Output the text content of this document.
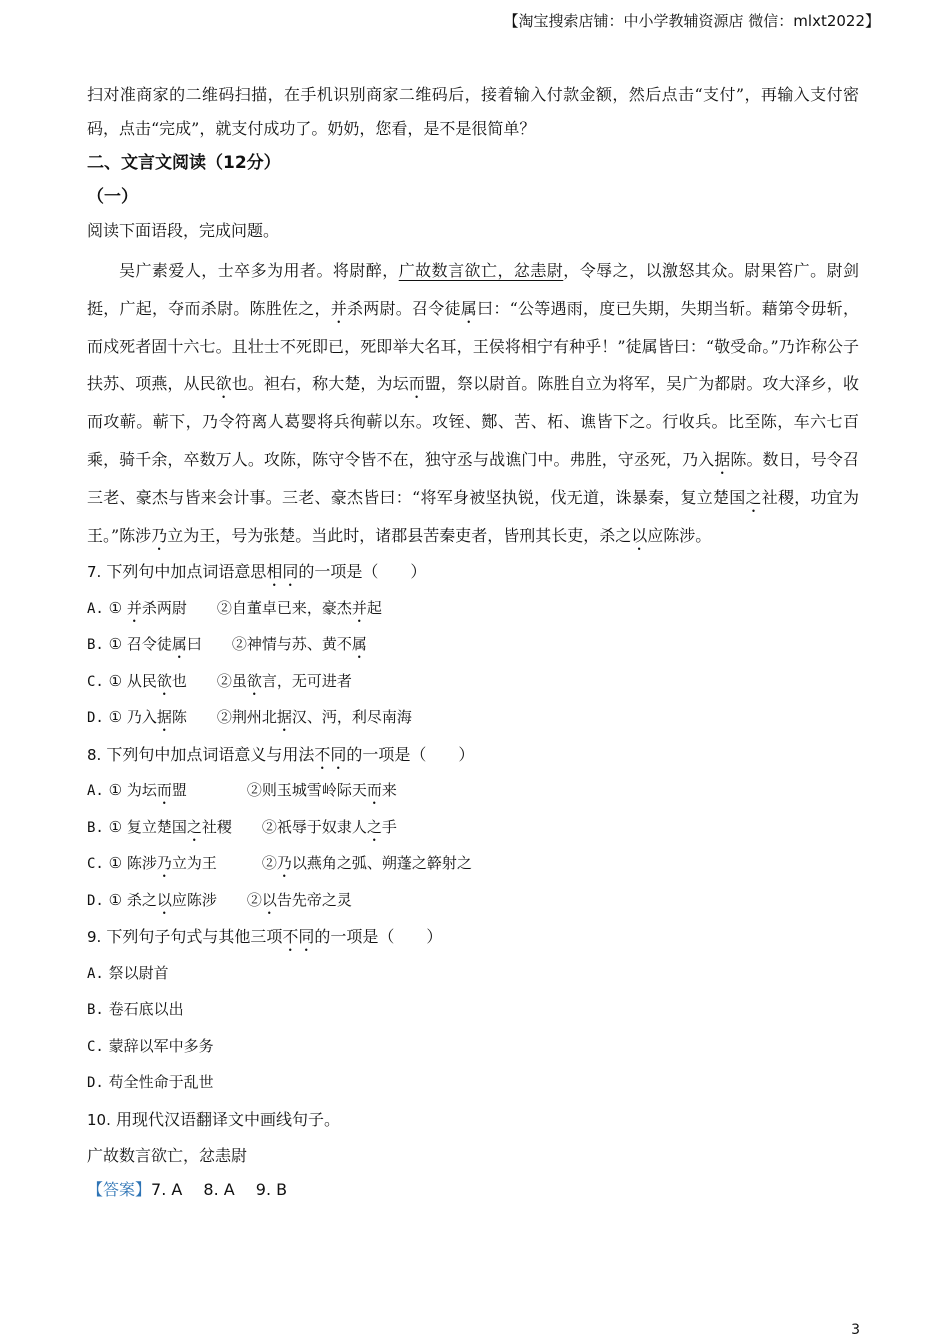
【淘宝搜索店铺：中小学教辅资源店 微信：mlxt2022】

扫对准商家的二维码扫描，在手机识别商家二维码后，接着输入付款金额，然后点击“支付”，再输入支付密码，点击“完成”，就支付成功了。奶奶，您看，是不是很简单？

二、文言文阅读（12分）

（一）

阅读下面语段，完成问题。

吴广素爱人，士卒多为用者。将尉醉，广故数言欲亡，忿恚尉，令辱之，以激怒其众。尉果笞广。尉剑挺，广起，夺而杀尉。陈胜佐之，并杀两尉。召令徒属曰：“公等遇雨，度已失期，失期当斩。藉第令毋斩，而戍死者固十六七。且壮士不死即已，死即举大名耳，王侯将相宁有种乎！”徒属皆曰：“敬受命。”乃诈称公子扶苏、项燕，从民欲也。袒右，称大楚，为坛而盟，祭以尉首。陈胜自立为将军，吴广为都尉。攻大泽乡，收而攻蕲。蕲下，乃令符离人葛婴将兵徇蕲以东。攻铚、酂、苦、柘、谯皆下之。行收兵。比至陈，车六七百乘，骑千余，卒数万人。攻陈，陈守令皆不在，独守丞与战谯门中。弗胜，守丞死，乃入据陈。数日，号令召三老、豪杰与皆来会计事。三老、豪杰皆曰：“将军身被坚执锐，伐无道，诛暴秦，复立楚国之社稷，功宜为王。”陈涉乃立为王，号为张楚。当此时，诸郡县苦秦吏者，皆刑其长吏，杀之以应陈涉。

7. 下列句中加点词语意思相同的一项是（　　）

A. ① 并杀两尉　　②自董卓已来，豪杰并起

B. ① 召令徒属曰　　②神情与苏、黄不属

C. ① 从民欲也　　②虽欲言，无可进者

D. ① 乃入据陈　　②荆州北据汉、沔，利尽南海

8. 下列句中加点词语意义与用法不同的一项是（　　）

A. ① 为坛而盟　　　　②则玉城雪岭际天而来

B. ① 复立楚国之社稷　　②祇辱于奴隶人之手

C. ① 陈涉乃立为王　　　②乃以燕角之弧、朔蓬之簳射之

D. ① 杀之以应陈涉　　②以告先帝之灵

9. 下列句子句式与其他三项不同的一项是（　　）

A. 祭以尉首

B. 卷石底以出

C. 蒙辞以军中多务

D. 苟全性命于乱世

10. 用现代汉语翻译文中画线句子。

广故数言欲亡，忿恚尉

【答案】7. A　 8. A　 9. B

3
